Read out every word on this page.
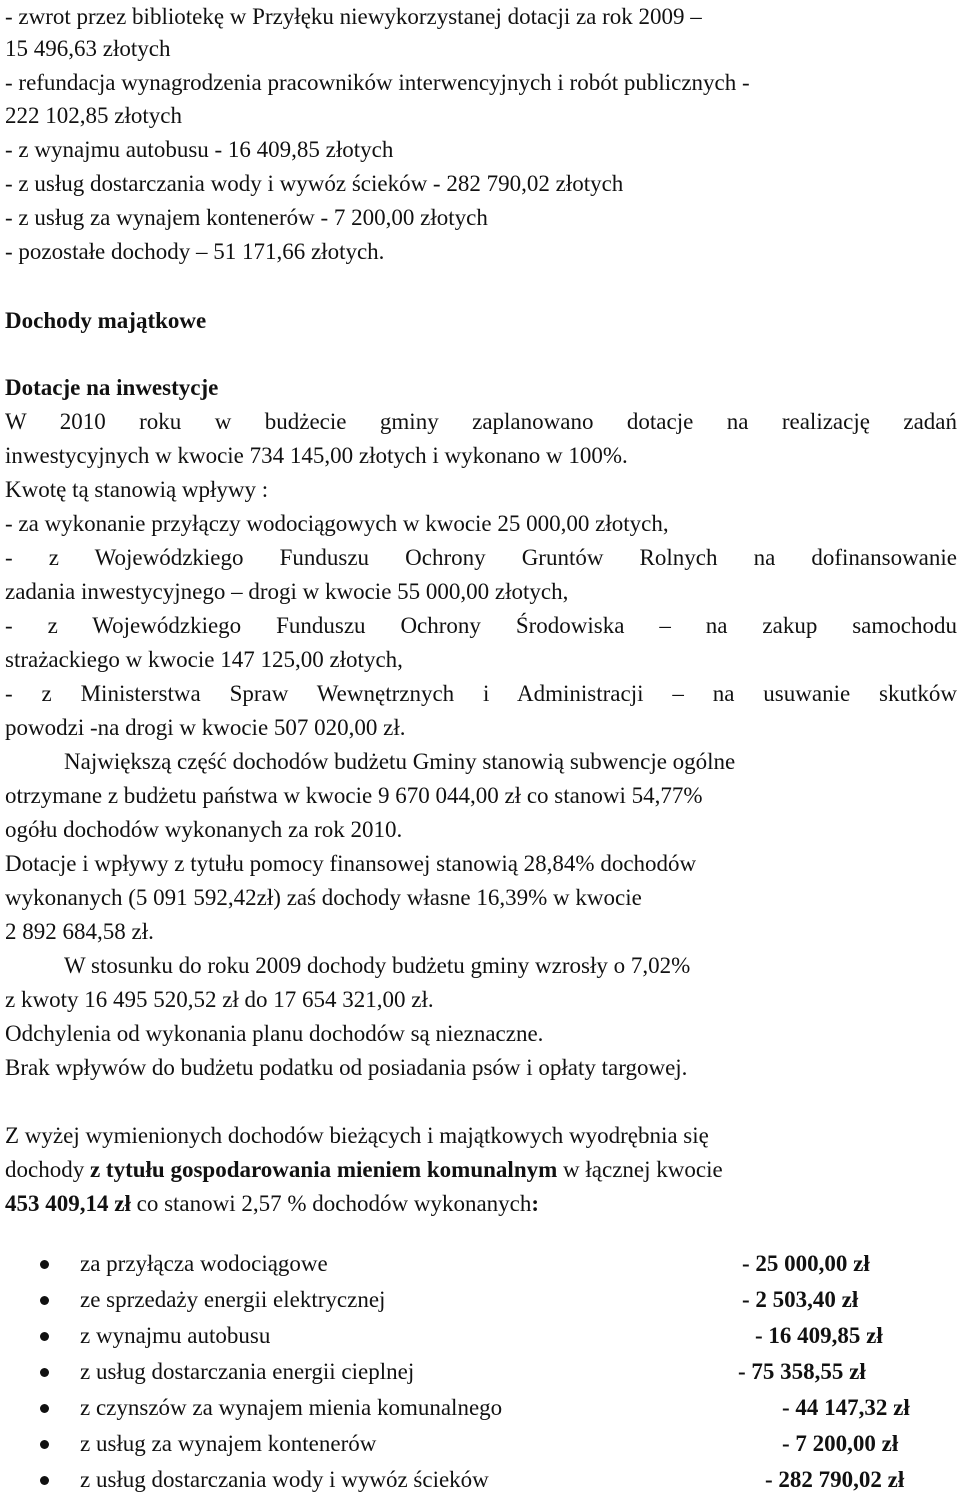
- zwrot przez bibliotekę w Przyłęku niewykorzystanej dotacji za rok 2009 –

15 496,63 złotych

- refundacja wynagrodzenia pracowników interwencyjnych i robót publicznych -

222 102,85 złotych

- z wynajmu autobusu - 16 409,85 złotych

- z usług dostarczania wody i wywóz ścieków - 282 790,02 złotych

- z usług za wynajem kontenerów - 7 200,00 złotych

- pozostałe dochody – 51 171,66 złotych.

Dochody majątkowe

Dotacje na inwestycje

W 2010 roku w budżecie gminy zaplanowano dotacje na realizację zadań

inwestycyjnych w kwocie 734 145,00 złotych i wykonano w 100%.

Kwotę tą stanowią wpływy :

- za wykonanie przyłączy wodociągowych w kwocie 25 000,00 złotych,

- z Wojewódzkiego Funduszu Ochrony Gruntów Rolnych na dofinansowanie

zadania inwestycyjnego – drogi w kwocie 55 000,00 złotych,

- z Wojewódzkiego Funduszu Ochrony Środowiska – na zakup samochodu

strażackiego w kwocie 147 125,00 złotych,

- z Ministerstwa Spraw Wewnętrznych i Administracji – na usuwanie skutków

powodzi -na drogi w kwocie 507 020,00 zł.

Największą część dochodów budżetu Gminy stanowią subwencje ogólne

otrzymane z budżetu państwa w kwocie 9 670 044,00 zł co stanowi 54,77%

ogółu dochodów wykonanych za rok 2010.

Dotacje i wpływy z tytułu pomocy finansowej stanowią 28,84% dochodów

wykonanych (5 091 592,42zł) zaś dochody własne 16,39% w kwocie

2 892 684,58 zł.

W stosunku do roku 2009 dochody budżetu gminy wzrosły o 7,02%

z kwoty 16 495 520,52 zł do 17 654 321,00 zł.

Odchylenia od wykonania planu dochodów są nieznaczne.

Brak wpływów do budżetu podatku od posiadania psów i opłaty targowej.

Z wyżej wymienionych dochodów bieżących i majątkowych wyodrębnia się

dochody z tytułu gospodarowania mieniem komunalnym w łącznej kwocie

453 409,14 zł co stanowi 2,57 % dochodów wykonanych:

za przyłącza wodociągowe	- 25 000,00 zł
ze sprzedaży energii elektrycznej	- 2 503,40 zł
z wynajmu autobusu	- 16 409,85 zł
z usług dostarczania energii cieplnej	- 75 358,55 zł
z czynszów za wynajem mienia komunalnego	- 44 147,32 zł
z usług za wynajem kontenerów	- 7 200,00 zł
z usług dostarczania wody i wywóz ścieków	- 282 790,02 zł
